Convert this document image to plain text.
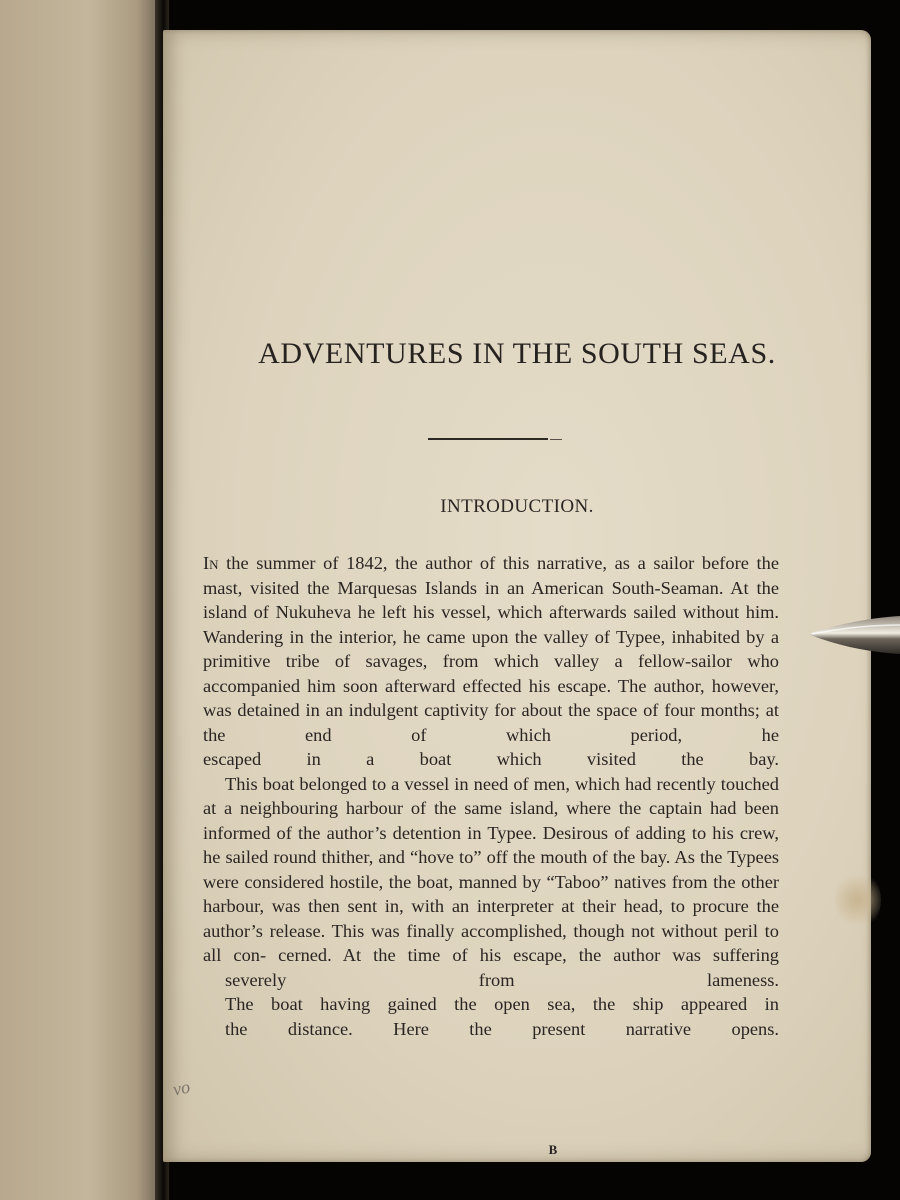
ADVENTURES IN THE SOUTH SEAS.
INTRODUCTION.

In the summer of 1842, the author of this narrative, as a sailor before the mast, visited the Marquesas Islands in an American South-Seaman. At the island of Nukuheva he left his vessel, which afterwards sailed without him. Wandering in the interior, he came upon the valley of Typee, inhabited by a primitive tribe of savages, from which valley a fellow-sailor who accompanied him soon afterward effected his escape. The author, however, was detained in an indulgent captivity for about the space of four months; at the end of which period, he
escaped in a boat which visited the bay.

This boat belonged to a vessel in need of men, which had recently touched at a neighbouring harbour of the same island, where the captain had been informed of the author’s detention in Typee. Desirous of adding to his crew, he sailed round thither, and “hove to” off the mouth of the bay. As the Typees were considered hostile, the boat, manned by “Taboo” natives from the other harbour, was then sent in, with an interpreter at their head, to procure the author’s release. This was finally accomplished, though not without peril to all con- cerned. At the time of his escape, the author was suffering
severely from lameness.

The boat having gained the open sea, the ship appeared in
the distance. Here the present narrative opens.

vo
B
